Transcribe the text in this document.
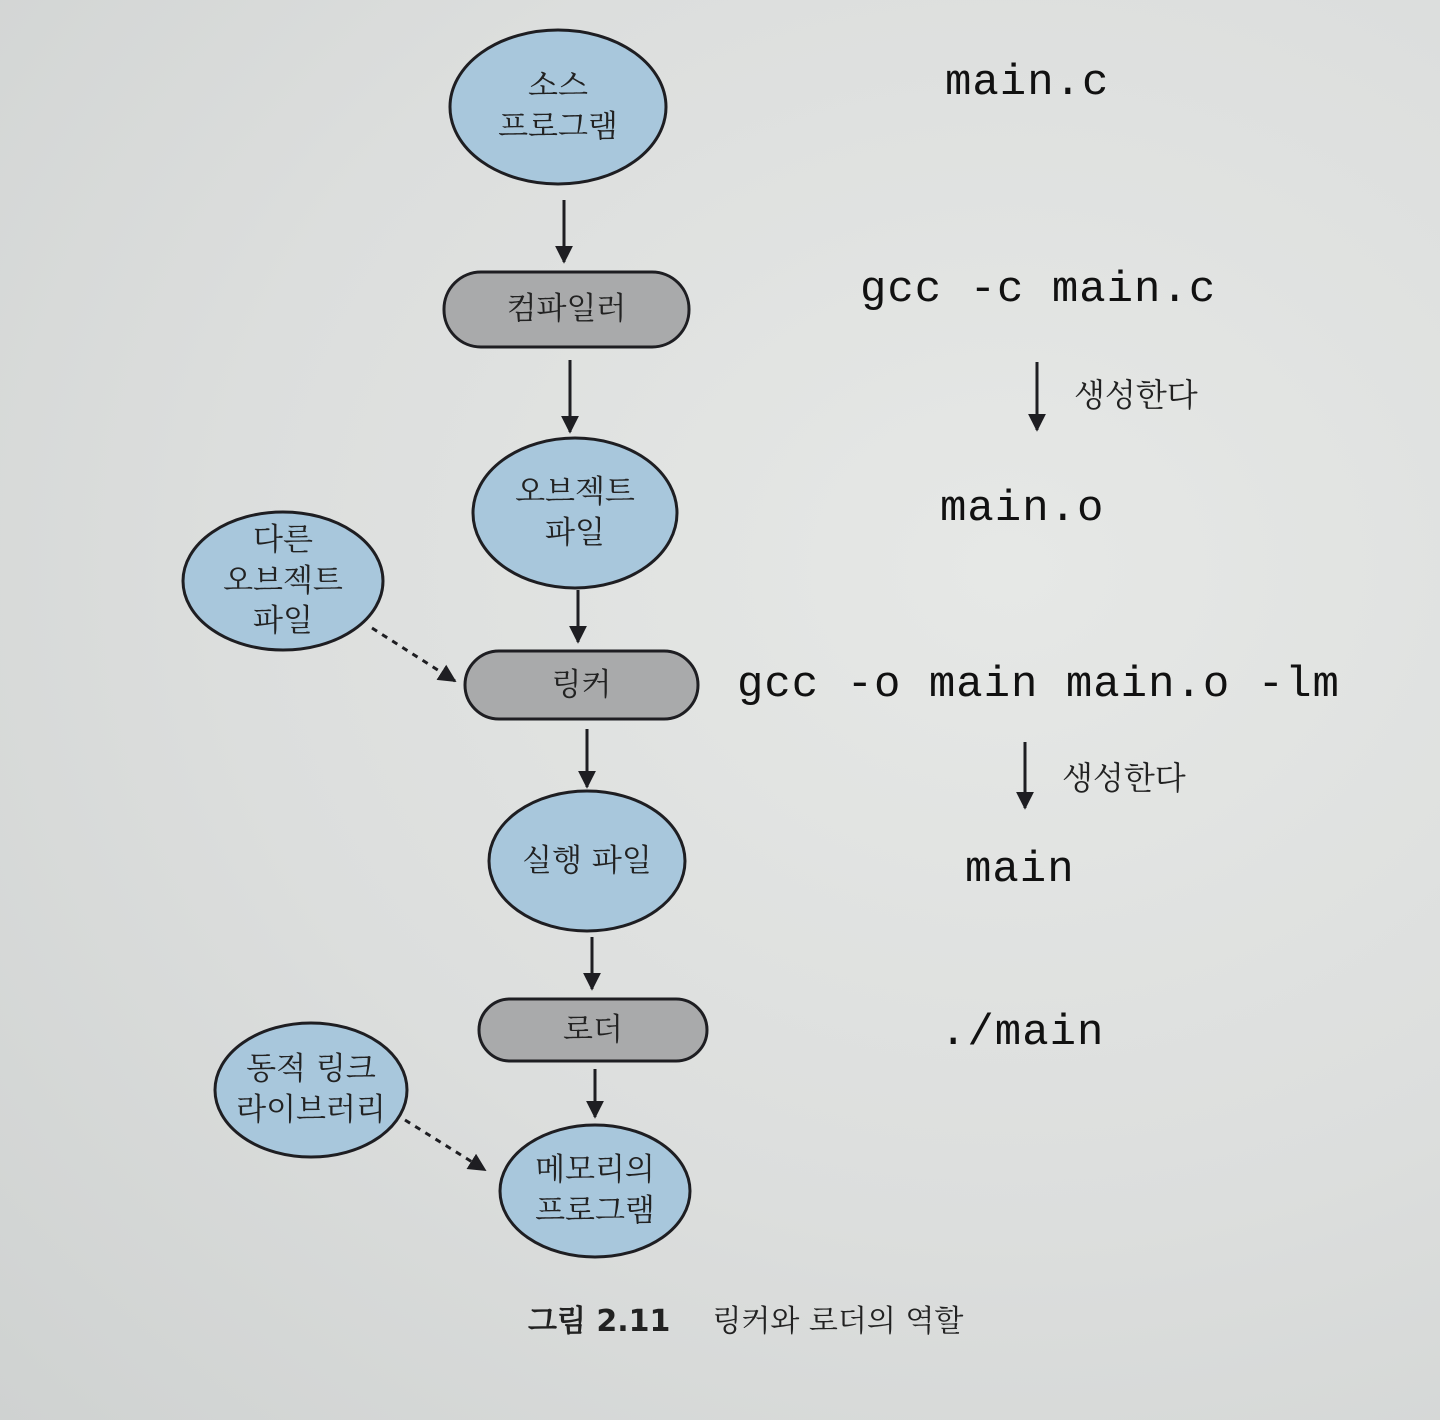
소스
프로그램
컴파일러
오브젝트
파일
다른
오브젝트
파일
링커
실행 파일
로더
동적 링크
라이브러리
메모리의
프로그램
main.c
gcc -c main.c
생성한다
main.o
gcc -o main main.o -lm
생성한다
main
./main
그림 2.11 링커와 로더의 역할
